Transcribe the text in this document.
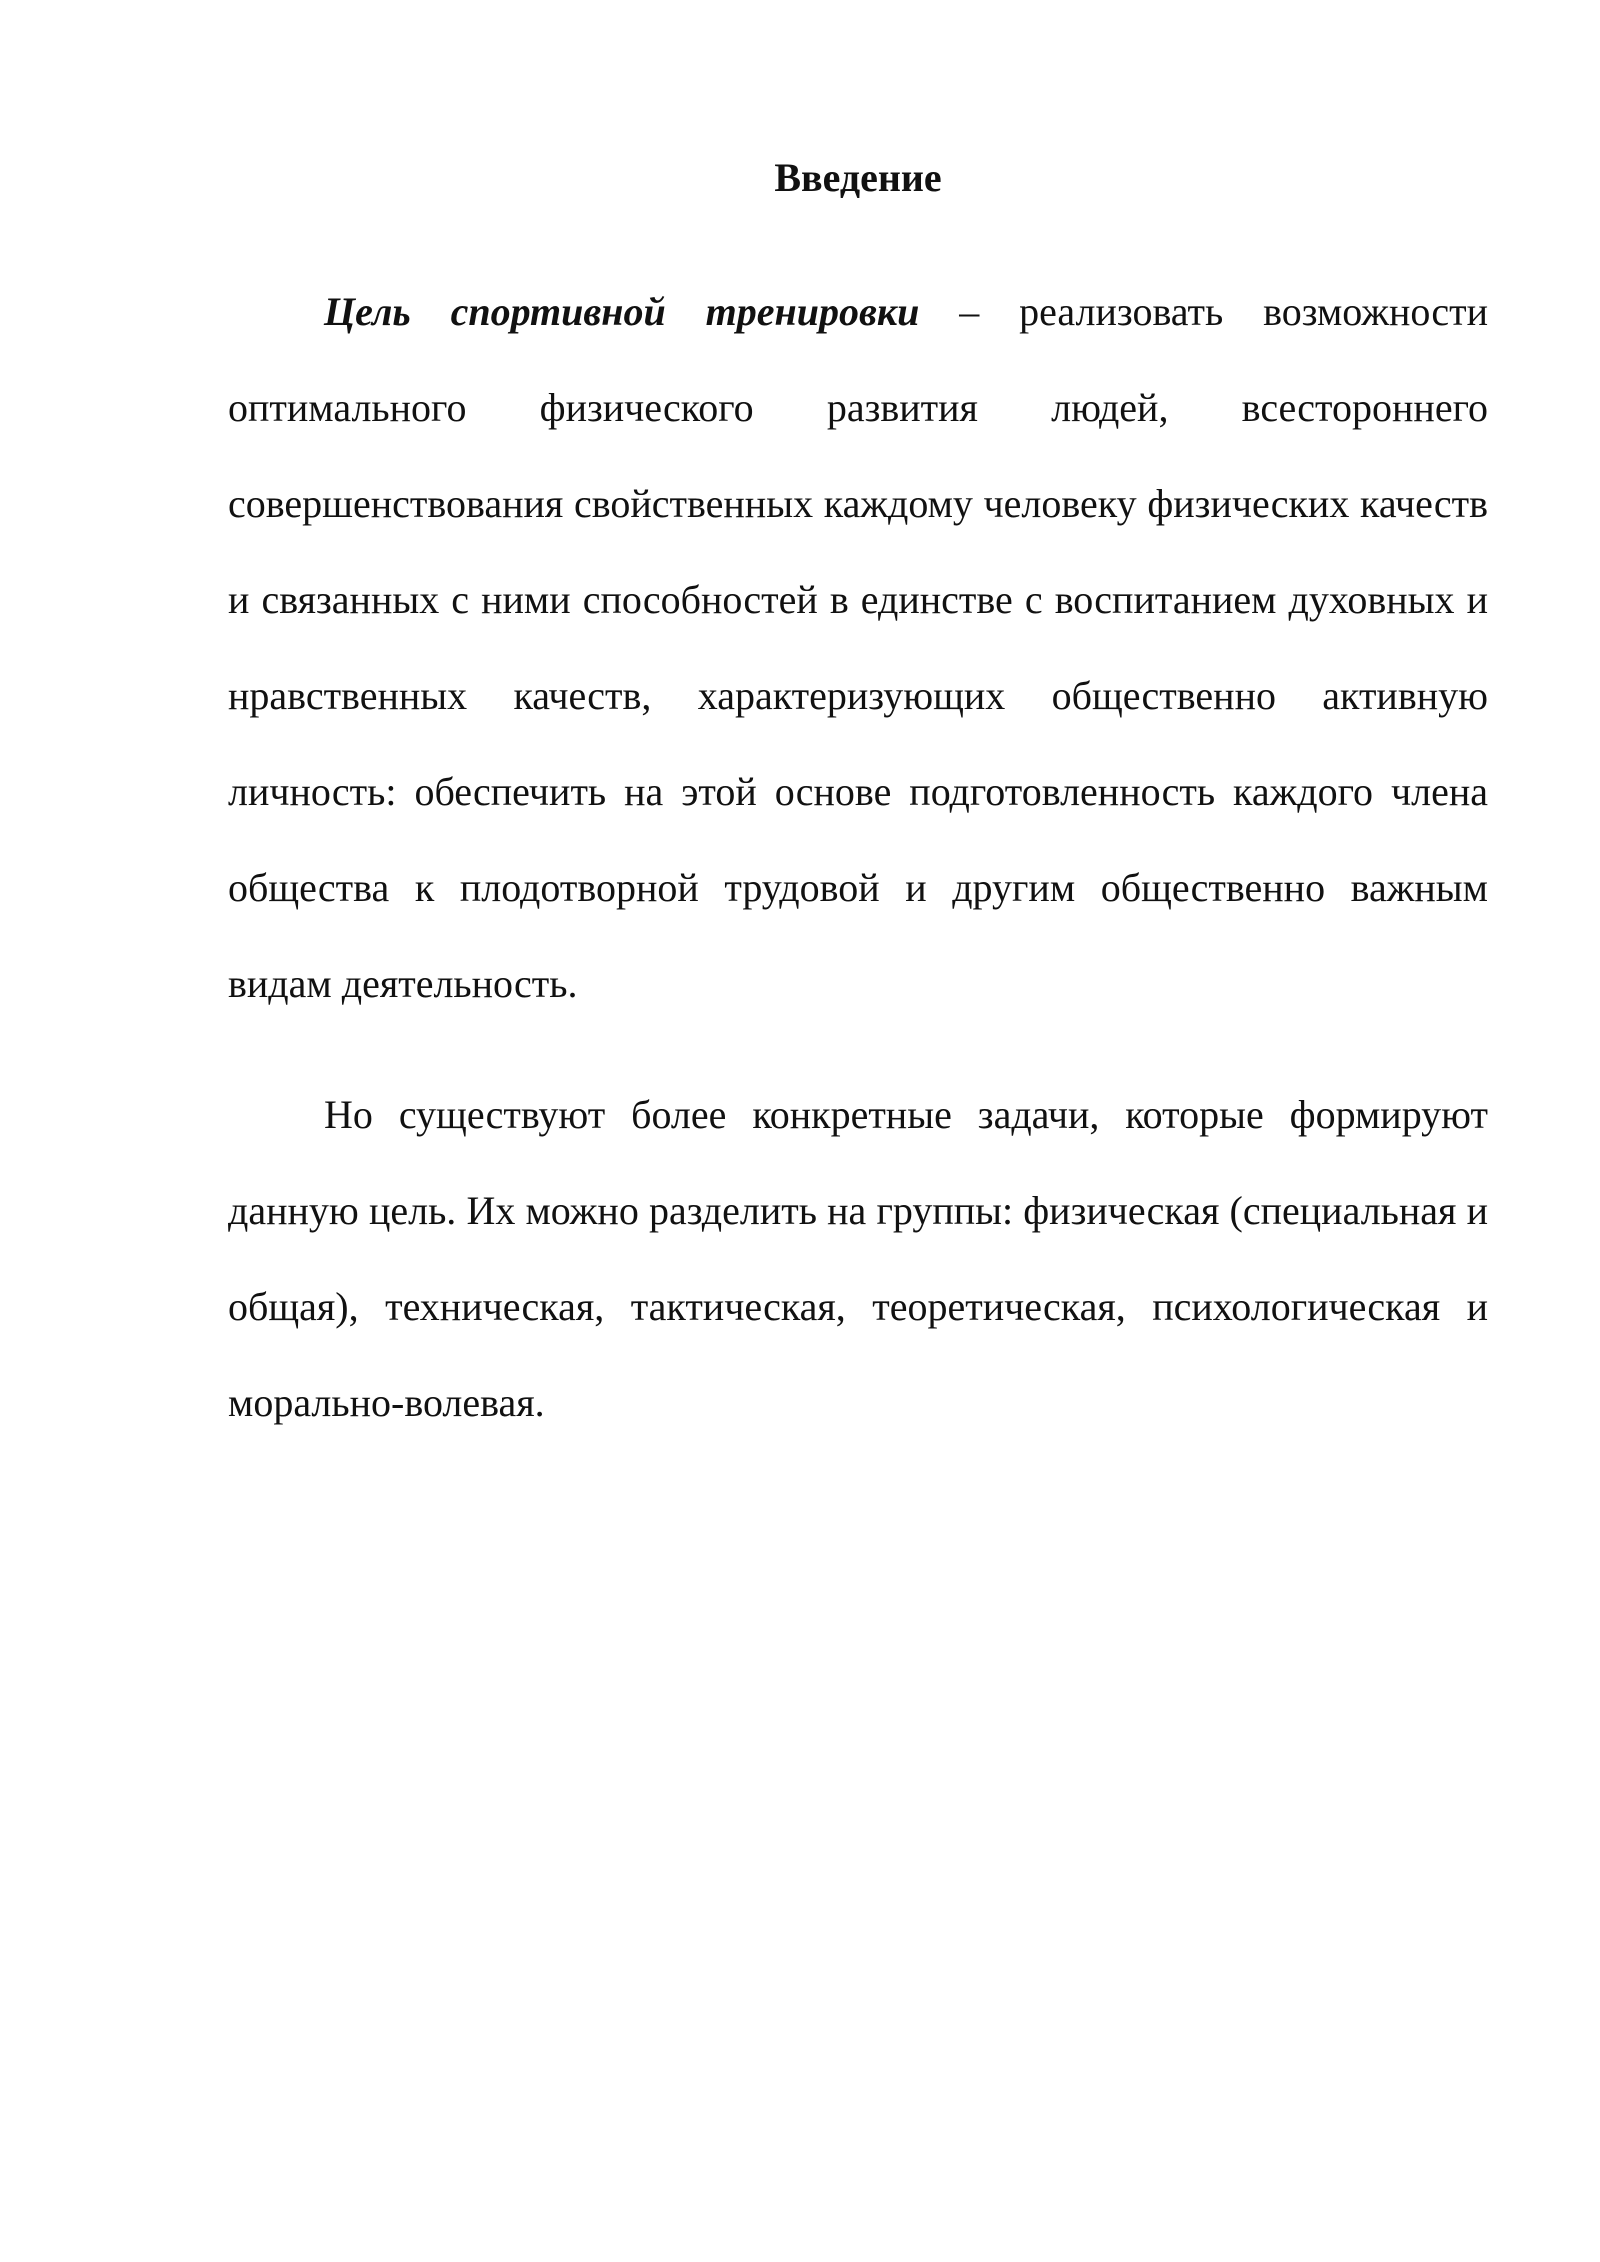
Введение

Цель спортивной тренировки – реализовать возможности оптимального физического развития людей, всестороннего совершенствования свойственных каждому человеку физических качеств и связанных с ними способностей в единстве с воспитанием духовных и нравственных качеств, характеризующих общественно активную личность: обеспечить на этой основе подготовленность каждого члена общества к плодотворной трудовой и другим общественно важным видам деятельность.

Но существуют более конкретные задачи, которые формируют данную цель. Их можно разделить на группы: физическая (специальная и общая), техническая, тактическая, теоретическая, психологическая и морально-волевая.
